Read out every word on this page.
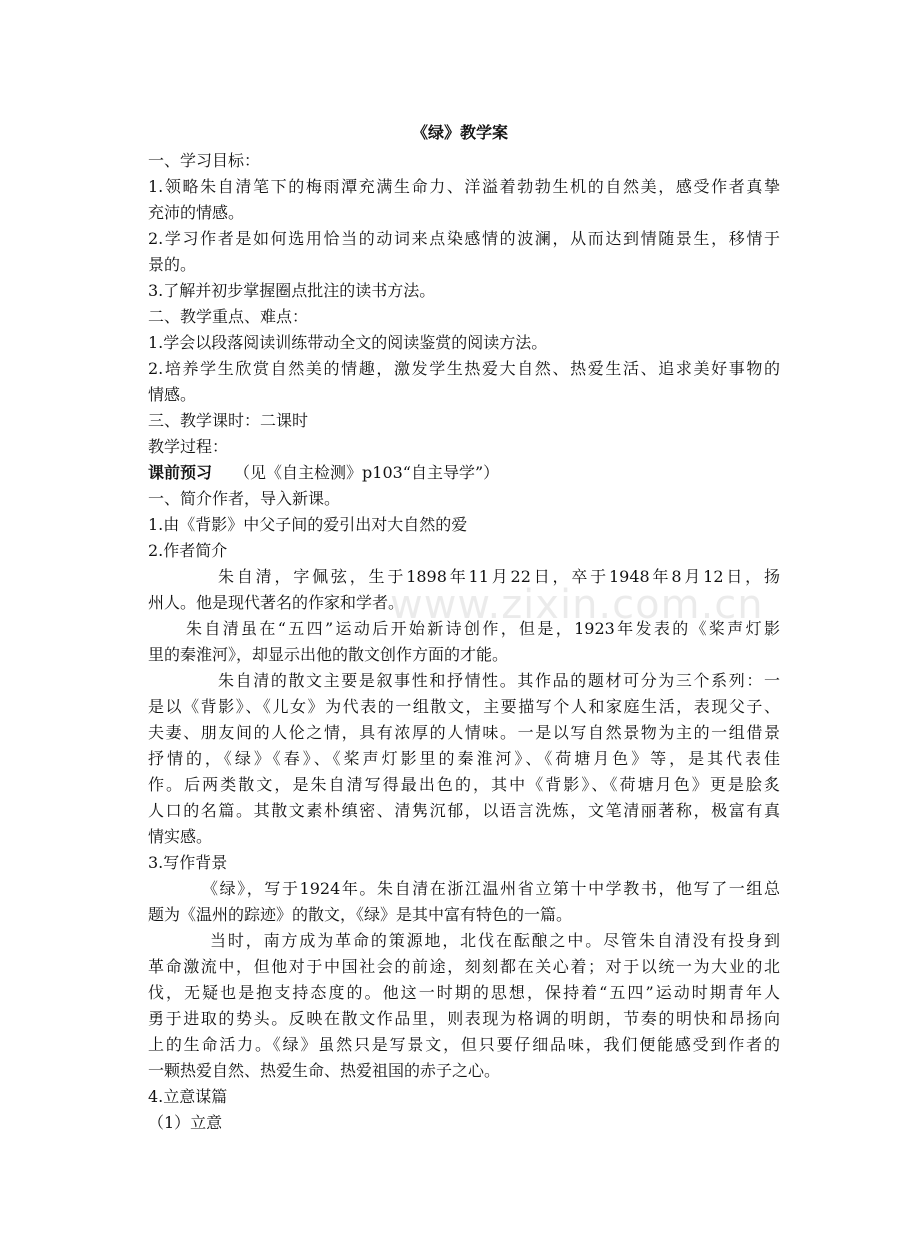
《绿》教学案
一、学习目标：
1.领略朱自清笔下的梅雨潭充满生命力、洋溢着勃勃生机的自然美，感受作者真挚
充沛的情感。
2.学习作者是如何选用恰当的动词来点染感情的波澜，从而达到情随景生，移情于
景的。
3.了解并初步掌握圈点批注的读书方法。
二、教学重点、难点：
1.学会以段落阅读训练带动全文的阅读鉴赏的阅读方法。
2.培养学生欣赏自然美的情趣，激发学生热爱大自然、热爱生活、追求美好事物的
情感。
三、教学课时：二课时
教学过程：
课前预习 （见《自主检测》p103“自主导学”）
一、简介作者，导入新课。
1.由《背影》中父子间的爱引出对大自然的爱
2.作者简介
朱自清，字佩弦，生于1898年11月22日，卒于1948年8月12日，扬
州人。他是现代著名的作家和学者。
朱自清虽在“五四”运动后开始新诗创作，但是，1923年发表的《桨声灯影
里的秦淮河》，却显示出他的散文创作方面的才能。
朱自清的散文主要是叙事性和抒情性。其作品的题材可分为三个系列：一
是以《背影》、《儿女》为代表的一组散文，主要描写个人和家庭生活，表现父子、
夫妻、朋友间的人伦之情，具有浓厚的人情味。一是以写自然景物为主的一组借景
抒情的，《绿》《春》、《桨声灯影里的秦淮河》、《荷塘月色》等，是其代表佳
作。后两类散文，是朱自清写得最出色的，其中《背影》、《荷塘月色》更是脍炙
人口的名篇。其散文素朴缜密、清隽沉郁，以语言洗炼，文笔清丽著称，极富有真
情实感。
3.写作背景
《绿》，写于1924年。朱自清在浙江温州省立第十中学教书，他写了一组总
题为《温州的踪迹》的散文，《绿》是其中富有特色的一篇。
当时，南方成为革命的策源地，北伐在酝酿之中。尽管朱自清没有投身到
革命激流中，但他对于中国社会的前途，刻刻都在关心着；对于以统一为大业的北
伐，无疑也是抱支持态度的。他这一时期的思想，保持着“五四”运动时期青年人
勇于进取的势头。反映在散文作品里，则表现为格调的明朗，节奏的明快和昂扬向
上的生命活力。《绿》虽然只是写景文，但只要仔细品味，我们便能感受到作者的
一颗热爱自然、热爱生命、热爱祖国的赤子之心。
4.立意谋篇
（1）立意
www.zixin.com.cn
